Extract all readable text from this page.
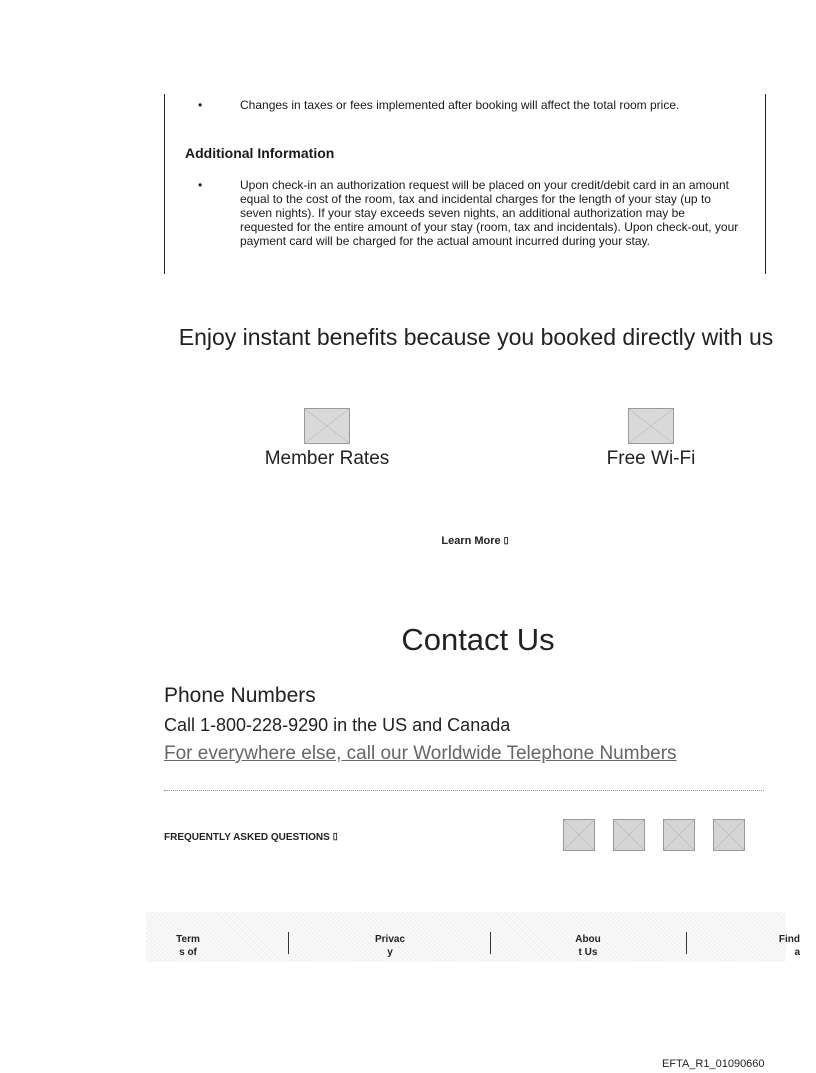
•	Changes in taxes or fees implemented after booking will affect the total room price.
Additional Information
•	Upon check-in an authorization request will be placed on your credit/debit card in an amount equal to the cost of the room, tax and incidental charges for the length of your stay (up to seven nights). If your stay exceeds seven nights, an additional authorization may be requested for the entire amount of your stay (room, tax and incidentals). Upon check-out, your payment card will be charged for the actual amount incurred during your stay.
Enjoy instant benefits because you booked directly with us
Member Rates	Free Wi-Fi
Learn More ▯
Contact Us
Phone Numbers
Call 1-800-228-9290 in the US and Canada
For everywhere else, call our Worldwide Telephone Numbers
FREQUENTLY ASKED QUESTIONS ▯
Term
s of
Privac
y
Abou
t Us
Find
a
EFTA_R1_01090660
